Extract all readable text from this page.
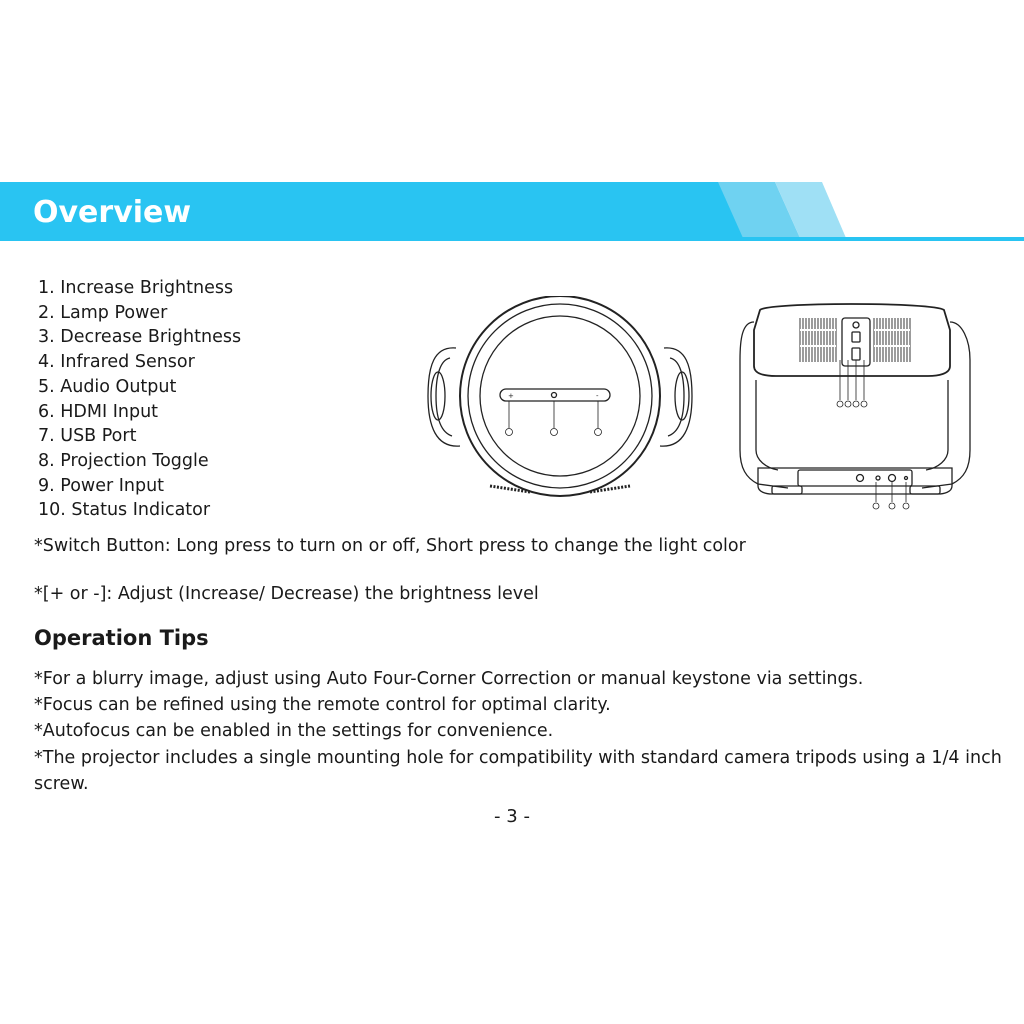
Overview
1. Increase Brightness
2. Lamp Power
3. Decrease Brightness
4. Infrared Sensor
5. Audio Output
6. HDMI Input
7. USB Port
8. Projection Toggle
9. Power Input
10. Status Indicator
+	-
*Switch Button: Long press to turn on or off, Short press to change the light color
*[+ or -]: Adjust (Increase/ Decrease) the brightness level
Operation Tips

*For a blurry image, adjust using Auto Four-Corner Correction or manual keystone via settings.

*Focus can be refined using the remote control for optimal clarity.

*Autofocus can be enabled in the settings for convenience.

*The projector includes a single mounting hole for compatibility with standard camera tripods using a 1/4 inch screw.

- 3 -
